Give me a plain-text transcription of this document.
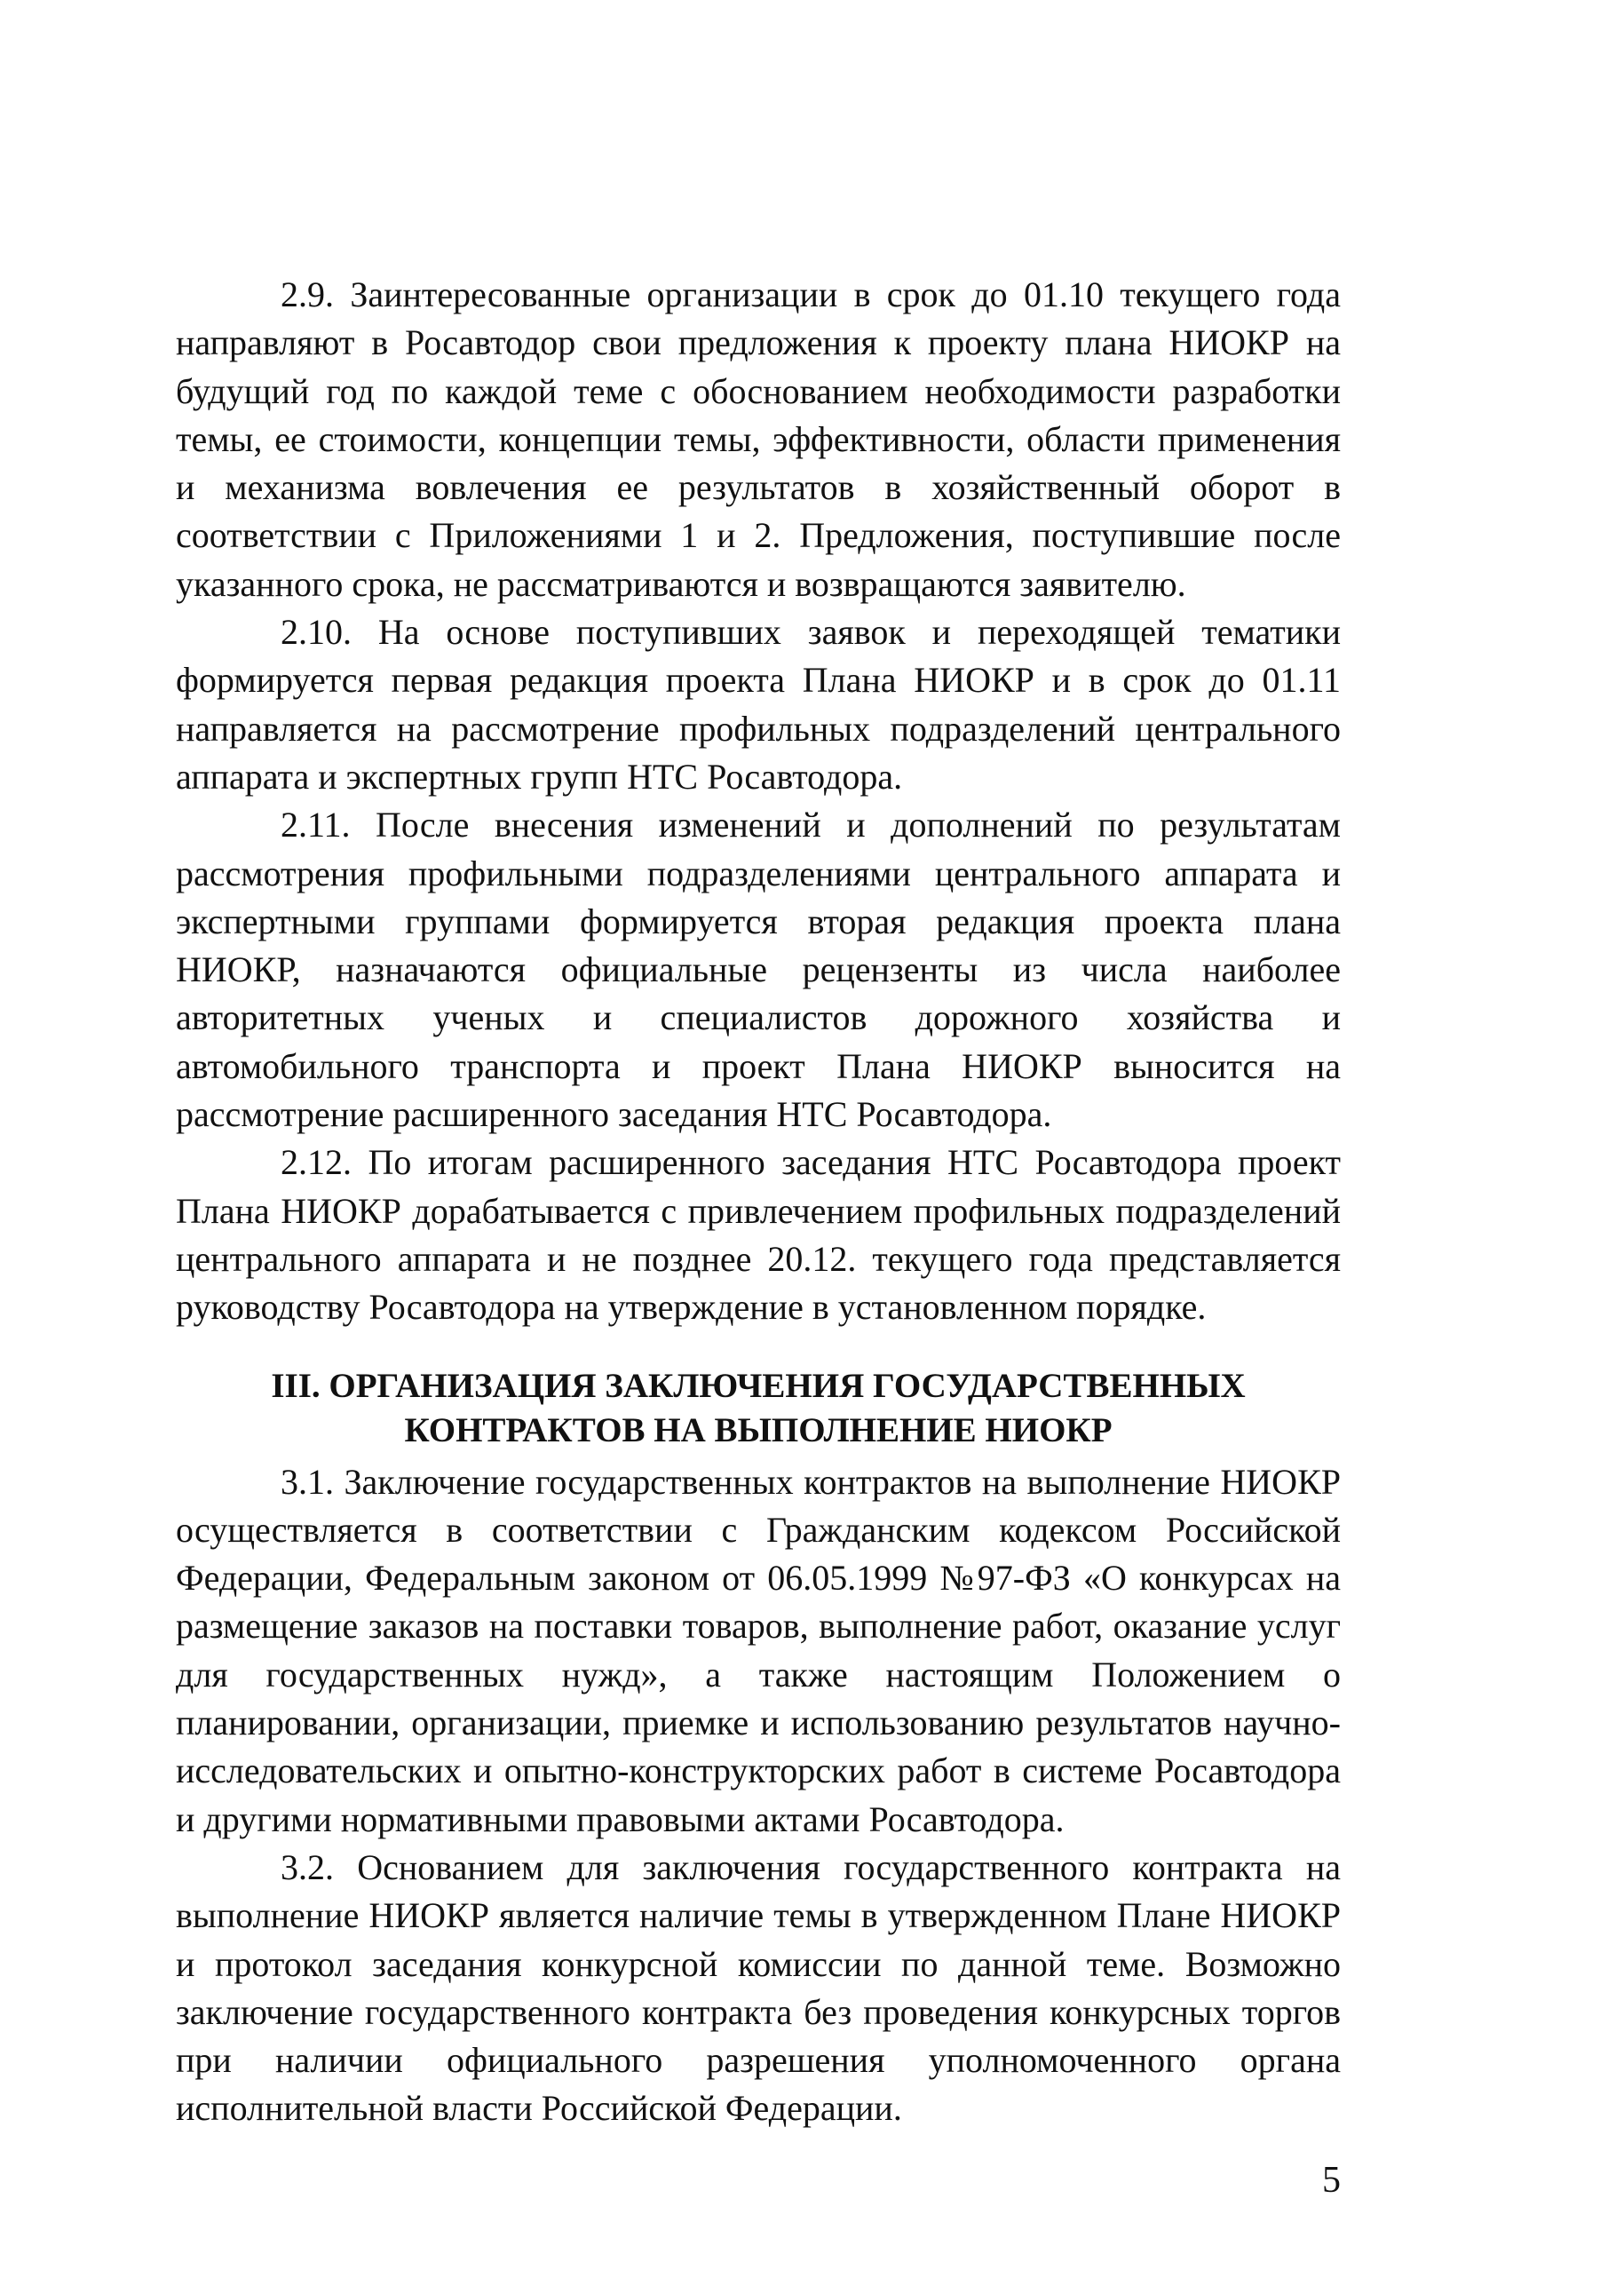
2.9. Заинтересованные организации в срок до 01.10 текущего года направляют в Росавтодор свои предложения к проекту плана НИОКР на будущий год по каждой теме с обоснованием необходимости разработки темы, ее стоимости, концепции темы, эффективности, области применения и механизма вовлечения ее результатов в хозяйственный оборот в соответствии с Приложениями 1 и 2. Предложения, поступившие после указанного срока, не рассматриваются и возвращаются заявителю.

2.10. На основе поступивших заявок и переходящей тематики формируется первая редакция проекта Плана НИОКР и в срок до 01.11 направляется на рассмотрение профильных подразделений центрального аппарата и экспертных групп НТС Росавтодора.

2.11. После внесения изменений и дополнений по результатам рассмотрения профильными подразделениями центрального аппарата и экспертными группами формируется вторая редакция проекта плана НИОКР, назначаются официальные рецензенты из числа наиболее авторитетных ученых и специалистов дорожного хозяйства и автомобильного транспорта и проект Плана НИОКР выносится на рассмотрение расширенного заседания НТС Росавтодора.

2.12. По итогам расширенного заседания НТС Росавтодора проект Плана НИОКР дорабатывается с привлечением профильных подразделений центрального аппарата и не позднее 20.12. текущего года представляется руководству Росавтодора на утверждение в установленном порядке.

III. ОРГАНИЗАЦИЯ ЗАКЛЮЧЕНИЯ ГОСУДАРСТВЕННЫХ
КОНТРАКТОВ НА ВЫПОЛНЕНИЕ НИОКР

3.1. Заключение государственных контрактов на выполнение НИОКР осуществляется в соответствии с Гражданским кодексом Российской Федерации, Федеральным законом от 06.05.1999 №97-ФЗ «О конкурсах на размещение заказов на поставки товаров, выполнение работ, оказание услуг для государственных нужд», а также настоящим Положением о планировании, организации, приемке и использованию результатов научно-исследовательских и опытно-конструкторских работ в системе Росавтодора и другими нормативными правовыми актами Росавтодора.

3.2. Основанием для заключения государственного контракта на выполнение НИОКР является наличие темы в утвержденном Плане НИОКР и протокол заседания конкурсной комиссии по данной теме. Возможно заключение государственного контракта без проведения конкурсных торгов при наличии официального разрешения уполномоченного органа исполнительной власти Российской Федерации.

5
